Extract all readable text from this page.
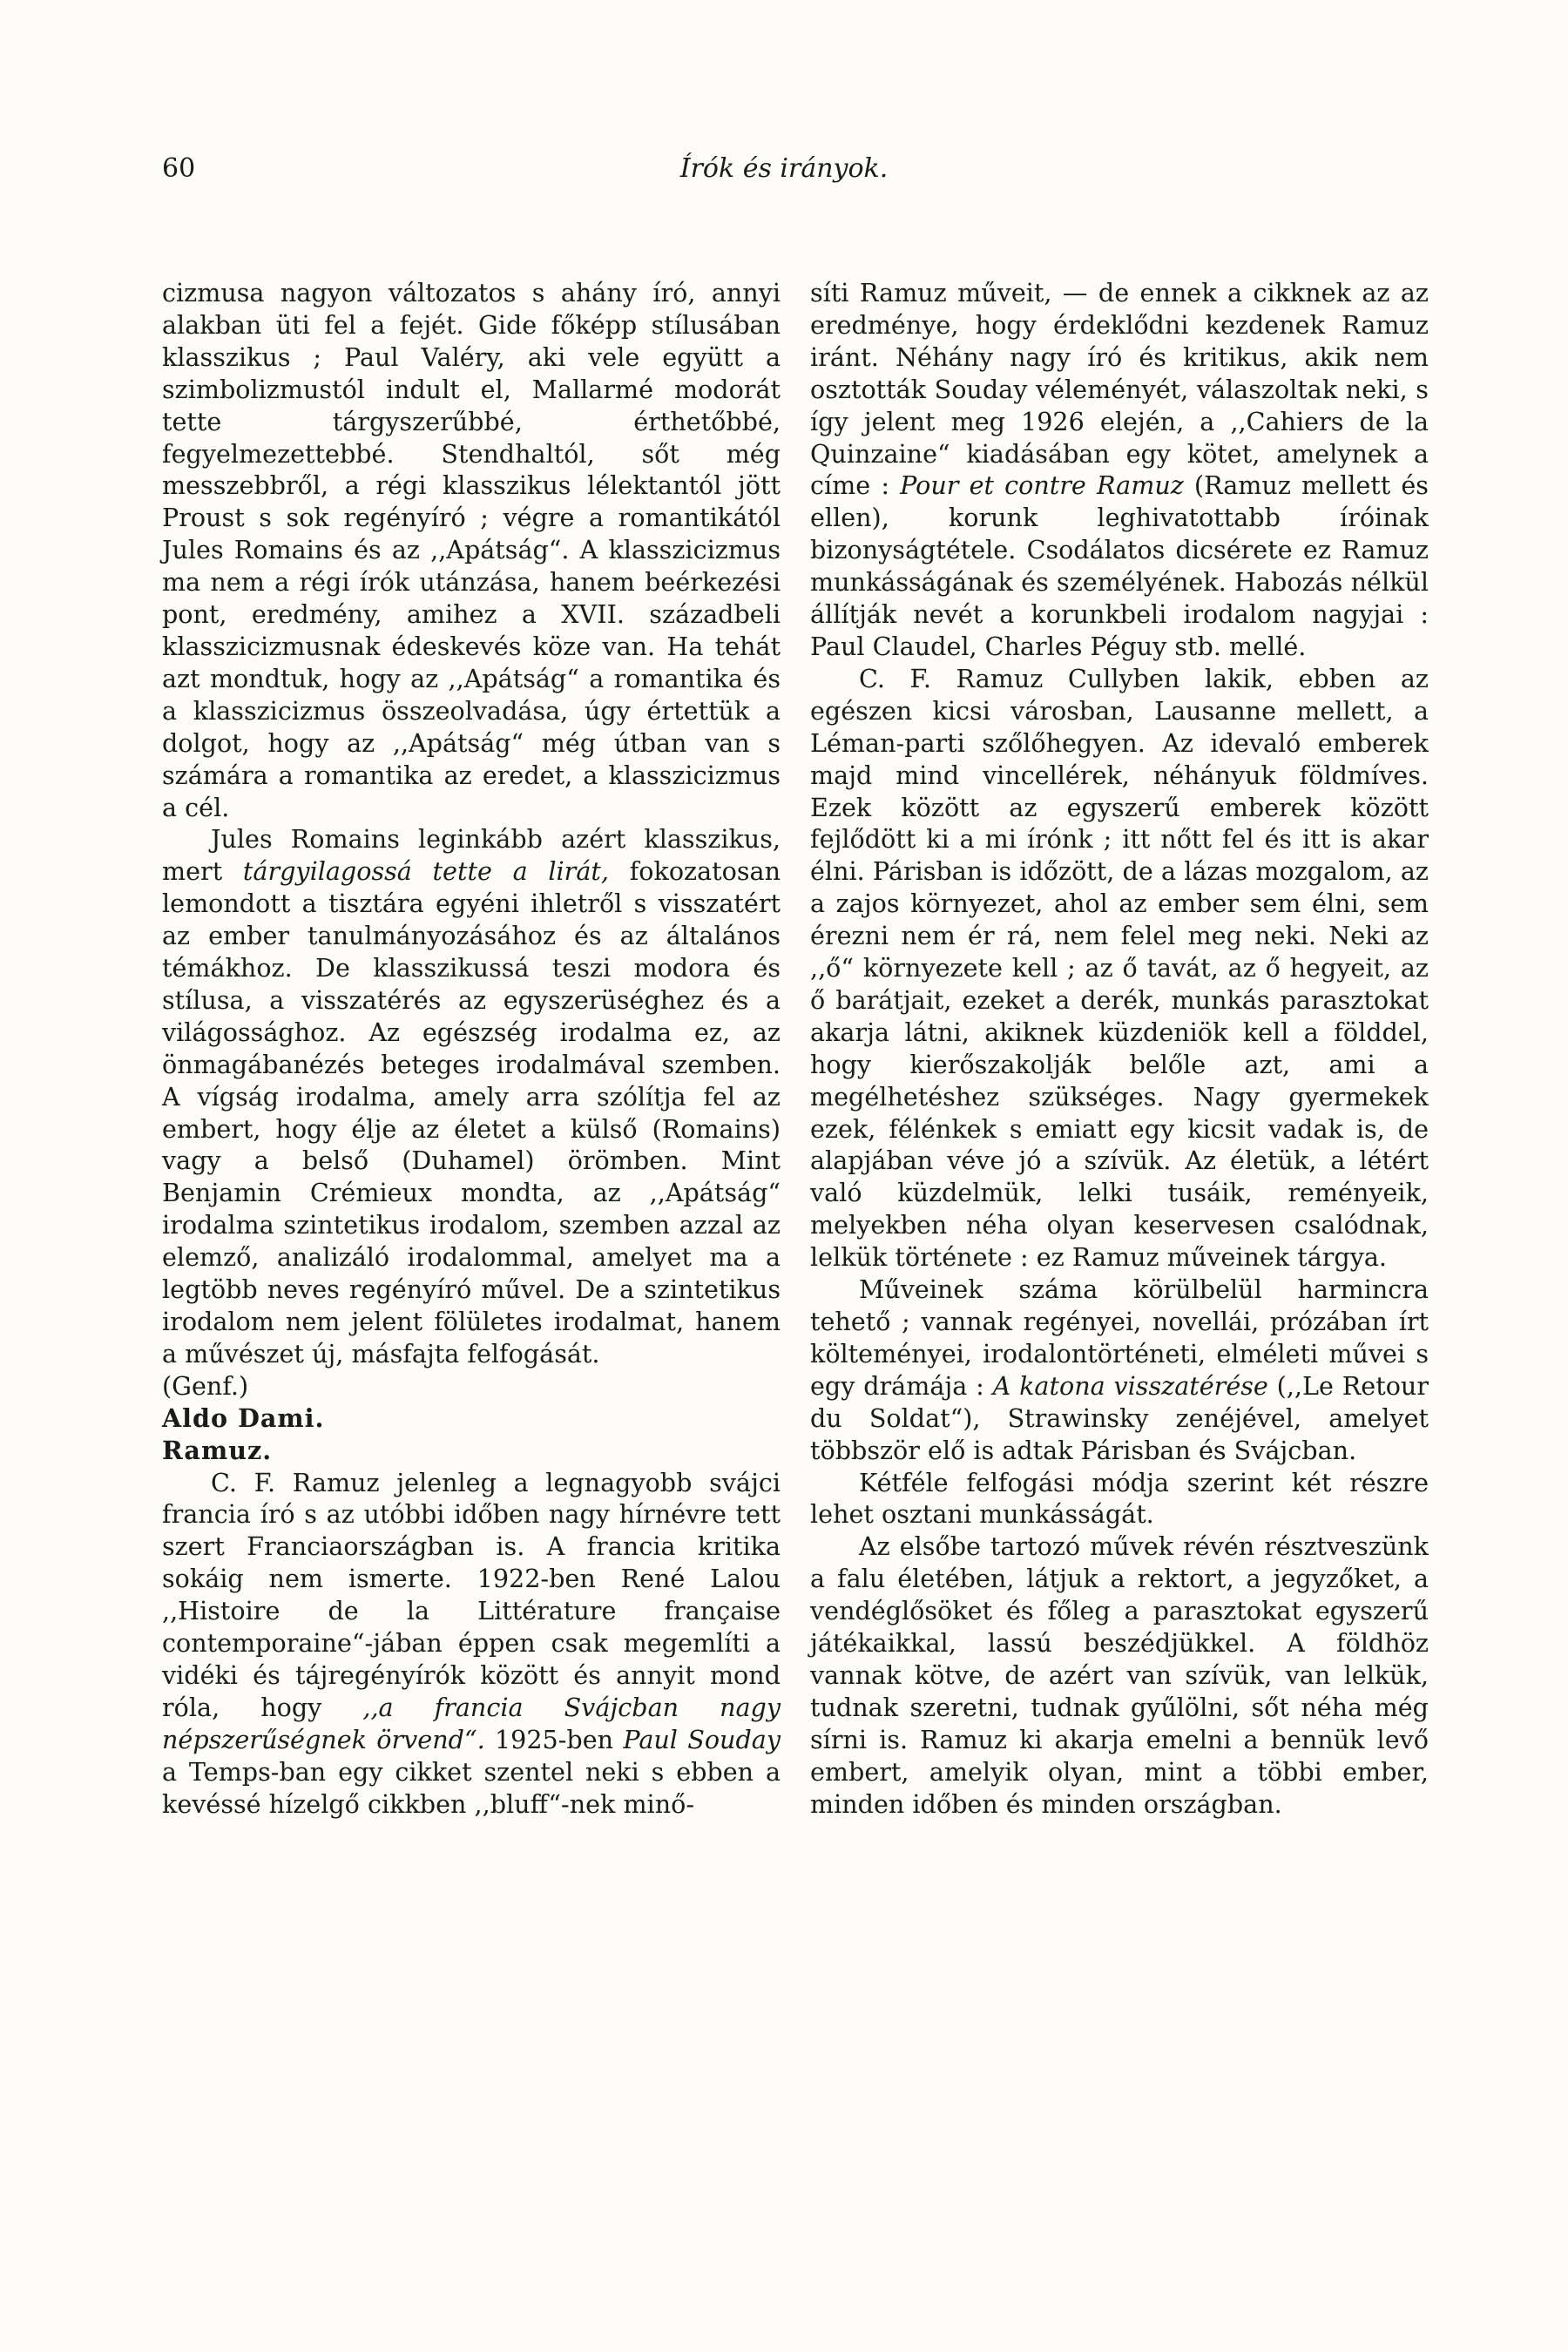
60	Írók és irányok.

cizmusa nagyon változatos s ahány író, annyi alakban üti fel a fejét. Gide főképp stílusában klasszikus ; Paul Valéry, aki vele együtt a szimbolizmustól indult el, Mallarmé modorát tette tárgyszerűbbé, érthetőbbé, fegyelmezettebbé. Stendhaltól, sőt még messzebbről, a régi klasszikus lélektantól jött Proust s sok regényíró ; végre a romantikától Jules Romains és az ,,Apátság“. A klasszicizmus ma nem a régi írók utánzása, hanem beérkezési pont, eredmény, amihez a XVII. századbeli klasszicizmusnak édeskevés köze van. Ha tehát azt mondtuk, hogy az ,,Apátság“ a romantika és a klasszicizmus összeolvadása, úgy értettük a dolgot, hogy az ,,Apátság“ még útban van s számára a romantika az eredet, a klasszicizmus a cél.

Jules Romains leginkább azért klasszikus, mert tárgyilagossá tette a lirát, fokozatosan lemondott a tisztára egyéni ihletről s visszatért az ember tanulmányozásához és az általános témákhoz. De klasszikussá teszi modora és stílusa, a visszatérés az egyszerüséghez és a világossághoz. Az egészség irodalma ez, az önmagábanézés beteges irodalmával szemben. A vígság irodalma, amely arra szólítja fel az embert, hogy élje az életet a külső (Romains) vagy a belső (Duhamel) örömben. Mint Benjamin Crémieux mondta, az ,,Apátság“ irodalma szintetikus irodalom, szemben azzal az elemző, analizáló irodalommal, amelyet ma a legtöbb neves regényíró művel. De a szintetikus irodalom nem jelent fölületes irodalmat, hanem a művészet új, másfajta felfogását.

(Genf.)

Aldo Dami.

Ramuz.

C. F. Ramuz jelenleg a legnagyobb svájci francia író s az utóbbi időben nagy hírnévre tett szert Franciaországban is. A francia kritika sokáig nem ismerte. 1922-ben René Lalou ,,Histoire de la Littérature française contemporaine“-jában éppen csak megemlíti a vidéki és tájregényírók között és annyit mond róla, hogy ,,a francia Svájcban nagy népszerűségnek örvend“. 1925-ben Paul Souday a Temps-ban egy cikket szentel neki s ebben a kevéssé hízelgő cikkben ,,bluff“-nek minő-

síti Ramuz műveit, — de ennek a cikknek az az eredménye, hogy érdeklődni kezdenek Ramuz iránt. Néhány nagy író és kritikus, akik nem osztották Souday véleményét, válaszoltak neki, s így jelent meg 1926 elején, a ,,Cahiers de la Quinzaine“ kiadásában egy kötet, amelynek a címe : Pour et contre Ramuz (Ramuz mellett és ellen), korunk leghivatottabb íróinak bizonyságtétele. Csodálatos dicsérete ez Ramuz munkásságának és személyének. Habozás nélkül állítják nevét a korunkbeli irodalom nagyjai : Paul Claudel, Charles Péguy stb. mellé.

C. F. Ramuz Cullyben lakik, ebben az egészen kicsi városban, Lausanne mellett, a Léman-parti szőlőhegyen. Az idevaló emberek majd mind vincellérek, néhányuk földmíves. Ezek között az egyszerű emberek között fejlődött ki a mi írónk ; itt nőtt fel és itt is akar élni. Párisban is időzött, de a lázas mozgalom, az a zajos környezet, ahol az ember sem élni, sem érezni nem ér rá, nem felel meg neki. Neki az ,,ő“ környezete kell ; az ő tavát, az ő hegyeit, az ő barátjait, ezeket a derék, munkás parasztokat akarja látni, akiknek küzdeniök kell a földdel, hogy kierőszakolják belőle azt, ami a megélhetéshez szükséges. Nagy gyermekek ezek, félénkek s emiatt egy kicsit vadak is, de alapjában véve jó a szívük. Az életük, a létért való küzdelmük, lelki tusáik, reményeik, melyekben néha olyan keservesen csalódnak, lelkük története : ez Ramuz műveinek tárgya.

Műveinek száma körülbelül harmincra tehető ; vannak regényei, novellái, prózában írt költeményei, irodalontörténeti, elméleti művei s egy drámája : A katona visszatérése (,,Le Retour du Soldat“), Strawinsky zenéjével, amelyet többször elő is adtak Párisban és Svájcban.

Kétféle felfogási módja szerint két részre lehet osztani munkásságát.

Az elsőbe tartozó művek révén résztveszünk a falu életében, látjuk a rektort, a jegyzőket, a vendéglősöket és főleg a parasztokat egyszerű játékaikkal, lassú beszédjükkel. A földhöz vannak kötve, de azért van szívük, van lelkük, tudnak szeretni, tudnak gyűlölni, sőt néha még sírni is. Ramuz ki akarja emelni a bennük levő embert, amelyik olyan, mint a többi ember, minden időben és minden országban.
